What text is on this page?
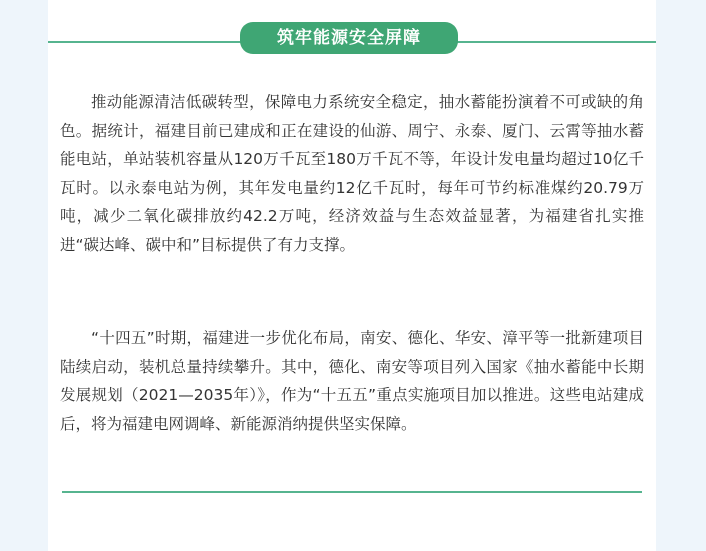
筑牢能源安全屏障

推动能源清洁低碳转型，保障电力系统安全稳定，抽水蓄能扮演着不可或缺的角色。据统计，福建目前已建成和正在建设的仙游、周宁、永泰、厦门、云霄等抽水蓄能电站，单站装机容量从120万千瓦至180万千瓦不等，年设计发电量均超过10亿千瓦时。以永泰电站为例，其年发电量约12亿千瓦时，每年可节约标准煤约20.79万吨，减少二氧化碳排放约42.2万吨，经济效益与生态效益显著，为福建省扎实推进“碳达峰、碳中和”目标提供了有力支撑。

“十四五”时期，福建进一步优化布局，南安、德化、华安、漳平等一批新建项目陆续启动，装机总量持续攀升。其中，德化、南安等项目列入国家《抽水蓄能中长期发展规划（2021—2035年）》，作为“十五五”重点实施项目加以推进。这些电站建成后，将为福建电网调峰、新能源消纳提供坚实保障。
